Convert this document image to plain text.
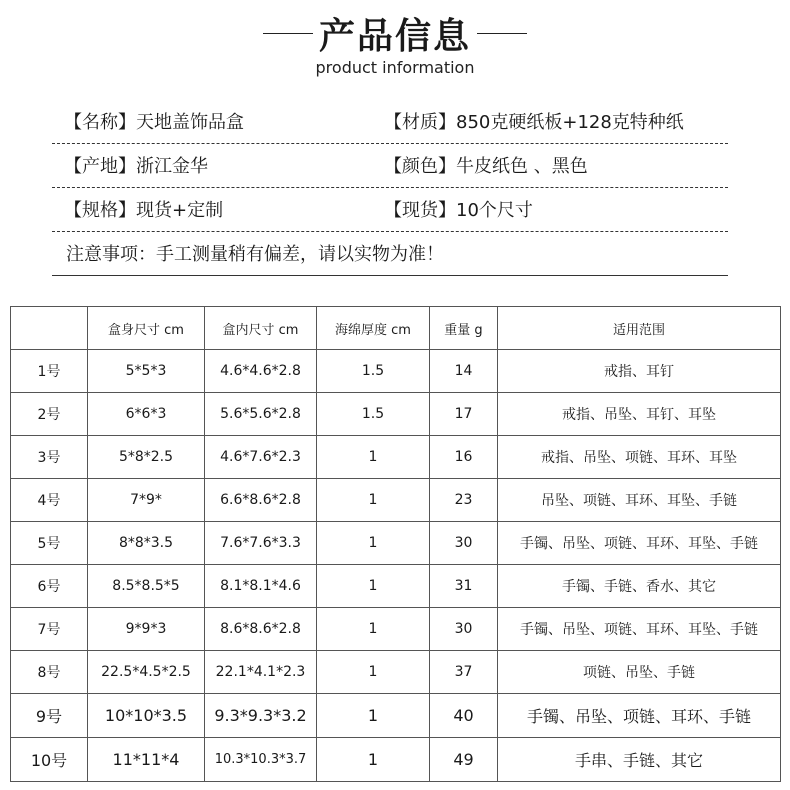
产品信息
product information
【名称】天地盖饰品盒	【材质】850克硬纸板+128克特种纸
【产地】浙江金华	【颜色】牛皮纸色 、黑色
【规格】现货+定制	【现货】10个尺寸
注意事项：手工测量稍有偏差，请以实物为准！
	盒身尺寸 cm	盒内尺寸 cm	海绵厚度 cm	重量 g	适用范围
1号	5*5*3	4.6*4.6*2.8	1.5	14	戒指、耳钉
2号	6*6*3	5.6*5.6*2.8	1.5	17	戒指、吊坠、耳钉、耳坠
3号	5*8*2.5	4.6*7.6*2.3	1	16	戒指、吊坠、项链、耳环、耳坠
4号	7*9*	6.6*8.6*2.8	1	23	吊坠、项链、耳环、耳坠、手链
5号	8*8*3.5	7.6*7.6*3.3	1	30	手镯、吊坠、项链、耳环、耳坠、手链
6号	8.5*8.5*5	8.1*8.1*4.6	1	31	手镯、手链、香水、其它
7号	9*9*3	8.6*8.6*2.8	1	30	手镯、吊坠、项链、耳环、耳坠、手链
8号	22.5*4.5*2.5	22.1*4.1*2.3	1	37	项链、吊坠、手链
9号	10*10*3.5	9.3*9.3*3.2	1	40	手镯、吊坠、项链、耳环、手链
10号	11*11*4	10.3*10.3*3.7	1	49	手串、手链、其它
